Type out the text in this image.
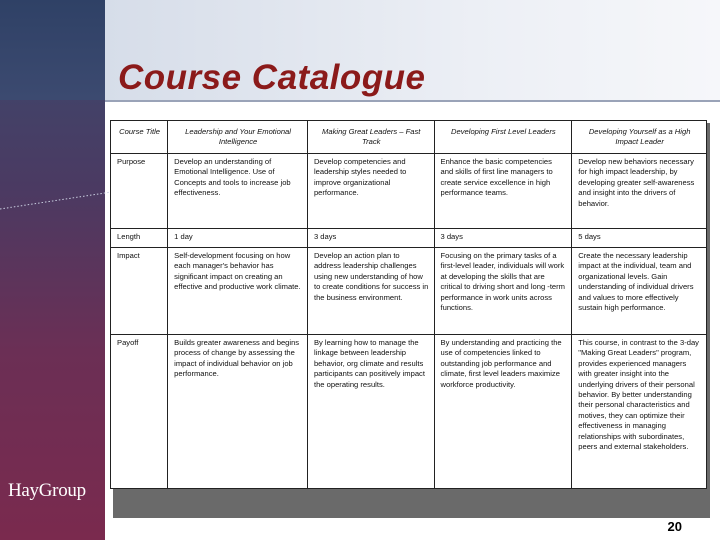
Course Catalogue
Course Title	Leadership and Your Emotional Intelligence	Making Great Leaders – Fast Track	Developing First Level Leaders	Developing Yourself as a High Impact Leader
Purpose	Develop an understanding of Emotional Intelligence. Use of Concepts and tools to increase job effectiveness.	Develop competencies and leadership styles needed to improve organizational performance.	Enhance the basic competencies and skills of first line managers to create service excellence in high performance teams.	Develop new behaviors necessary for high impact leadership, by developing greater self-awareness and insight into the drivers of behavior.
Length	1 day	3 days	3 days	5 days
Impact	Self-development focusing on how each manager's behavior has significant impact on creating an effective and productive work climate.	Develop an action plan to address leadership challenges using new understanding of how to create conditions for success in the business environment.	Focusing on the primary tasks of a first-level leader, individuals will work at developing the skills that are critical to driving short and long -term performance in work units across functions.	Create the necessary leadership impact at the individual, team and organizational levels. Gain understanding of individual drivers and values to more effectively sustain high performance.
Payoff	Builds greater awareness and begins process of change by assessing the impact of individual behavior on job performance.	By learning how to manage the linkage between leadership behavior, org climate and results participants can positively impact the operating results.	By understanding and practicing the use of competencies linked to outstanding job performance and climate, first level leaders maximize workforce productivity.	This course, in contrast to the 3-day "Making Great Leaders" program, provides experienced managers with greater insight into the underlying drivers of their personal behavior. By better understanding their personal characteristics and motives, they can optimize their effectiveness in managing relationships with subordinates, peers and external stakeholders.
HayGroup
20
